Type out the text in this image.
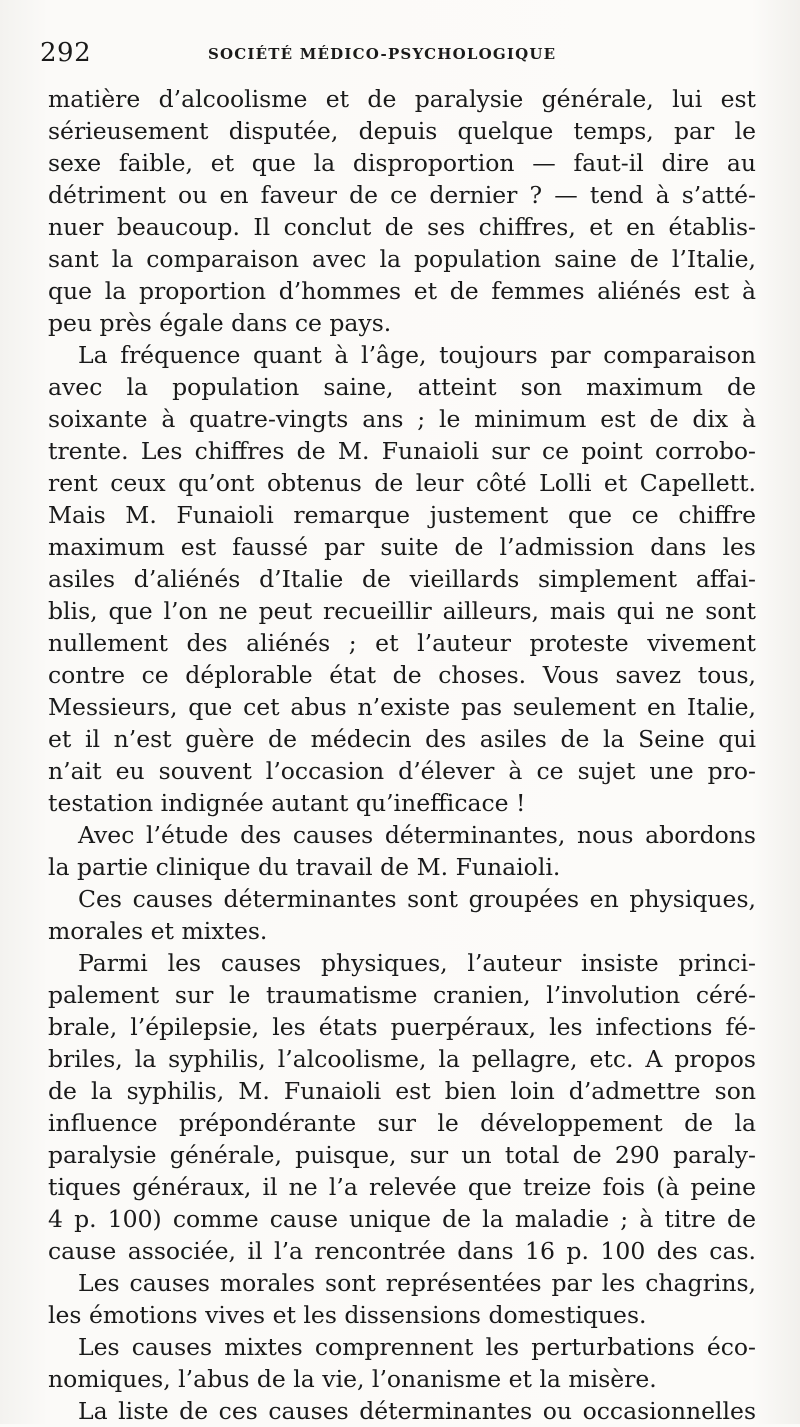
292	SOCIÉTÉ MÉDICO-PSYCHOLOGIQUE
matière d’alcoolisme et de paralysie générale, lui est
sérieusement disputée, depuis quelque temps, par le
sexe faible, et que la disproportion — faut-il dire au
détriment ou en faveur de ce dernier ? — tend à s’atté-
nuer beaucoup. Il conclut de ses chiffres, et en établis-
sant la comparaison avec la population saine de l’Italie,
que la proportion d’hommes et de femmes aliénés est à
peu près égale dans ce pays.
La fréquence quant à l’âge, toujours par comparaison
avec la population saine, atteint son maximum de
soixante à quatre-vingts ans ; le minimum est de dix à
trente. Les chiffres de M. Funaioli sur ce point corrobo-
rent ceux qu’ont obtenus de leur côté Lolli et Capellett.
Mais M. Funaioli remarque justement que ce chiffre
maximum est faussé par suite de l’admission dans les
asiles d’aliénés d’Italie de vieillards simplement affai-
blis, que l’on ne peut recueillir ailleurs, mais qui ne sont
nullement des aliénés ; et l’auteur proteste vivement
contre ce déplorable état de choses. Vous savez tous,
Messieurs, que cet abus n’existe pas seulement en Italie,
et il n’est guère de médecin des asiles de la Seine qui
n’ait eu souvent l’occasion d’élever à ce sujet une pro-
testation indignée autant qu’inefficace !
Avec l’étude des causes déterminantes, nous abordons
la partie clinique du travail de M. Funaioli.
Ces causes déterminantes sont groupées en physiques,
morales et mixtes.
Parmi les causes physiques, l’auteur insiste princi-
palement sur le traumatisme cranien, l’involution céré-
brale, l’épilepsie, les états puerpéraux, les infections fé-
briles, la syphilis, l’alcoolisme, la pellagre, etc. A propos
de la syphilis, M. Funaioli est bien loin d’admettre son
influence prépondérante sur le développement de la
paralysie générale, puisque, sur un total de 290 paraly-
tiques généraux, il ne l’a relevée que treize fois (à peine
4 p. 100) comme cause unique de la maladie ; à titre de
cause associée, il l’a rencontrée dans 16 p. 100 des cas.
Les causes morales sont représentées par les chagrins,
les émotions vives et les dissensions domestiques.
Les causes mixtes comprennent les perturbations éco-
nomiques, l’abus de la vie, l’onanisme et la misère.
La liste de ces causes déterminantes ou occasionnelles
